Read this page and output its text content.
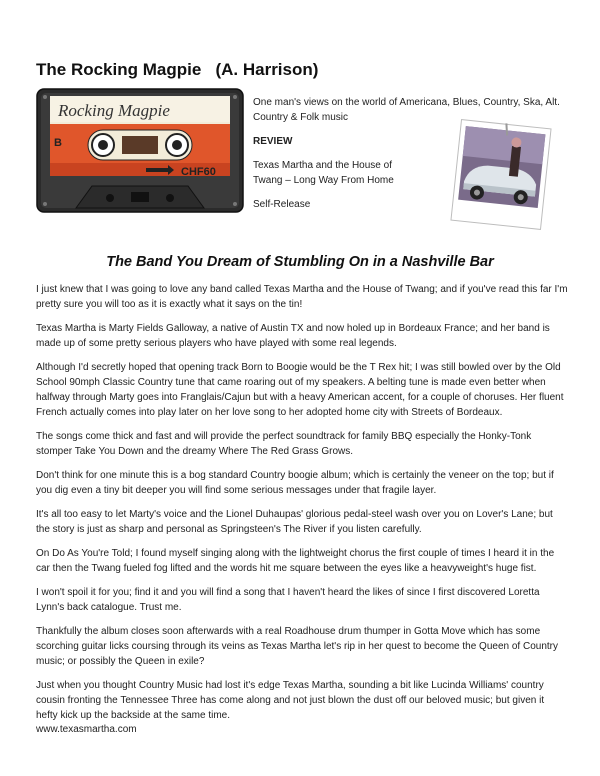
The Rocking Magpie   (A. Harrison)
Rocking Magpie
B
CHF60

One man's views on the world of Americana, Blues, Country, Ska, Alt. Country & Folk music

REVIEW

Texas Martha and the House of Twang – Long Way From Home

Self-Release

The Band You Dream of Stumbling On in a Nashville Bar

I just knew that I was going to love any band called Texas Martha and the House of Twang; and if you've read this far I'm pretty sure you will too as it is exactly what it says on the tin!

Texas Martha is Marty Fields Galloway, a native of Austin TX and now holed up in Bordeaux France; and her band is made up of some pretty serious players who have played with some real legends.

Although I'd secretly hoped that opening track Born to Boogie would be the T Rex hit; I was still bowled over by the Old School 90mph Classic Country tune that came roaring out of my speakers. A belting tune is made even better when halfway through Marty goes into Franglais/Cajun but with a heavy American accent, for a couple of choruses. Her fluent French actually comes into play later on her love song to her adopted home city with Streets of Bordeaux.

The songs come thick and fast and will provide the perfect soundtrack for family BBQ especially the Honky-Tonk stomper Take You Down and the dreamy Where The Red Grass Grows.

Don't think for one minute this is a bog standard Country boogie album; which is certainly the veneer on the top; but if you dig even a tiny bit deeper you will find some serious messages under that fragile layer.

It's all too easy to let Marty's voice and the Lionel Duhaupas' glorious pedal-steel wash over you on Lover's Lane; but the story is just as sharp and personal as Springsteen's The River if you listen carefully.

On Do As You're Told; I found myself singing along with the lightweight chorus the first couple of times I heard it in the car then the Twang fueled fog lifted and the words hit me square between the eyes like a heavyweight's huge fist.

I won't spoil it for you; find it and you will find a song that I haven't heard the likes of since I first discovered Loretta Lynn's back catalogue. Trust me.

Thankfully the album closes soon afterwards with a real Roadhouse drum thumper in Gotta Move which has some scorching guitar licks coursing through its veins as Texas Martha let's rip in her quest to become the Queen of Country music; or possibly the Queen in exile?

Just when you thought Country Music had lost it's edge Texas Martha, sounding a bit like Lucinda Williams' country cousin fronting the Tennessee Three has come along and not just blown the dust off our beloved music; but given it hefty kick up the backside at the same time.

www.texasmartha.com
